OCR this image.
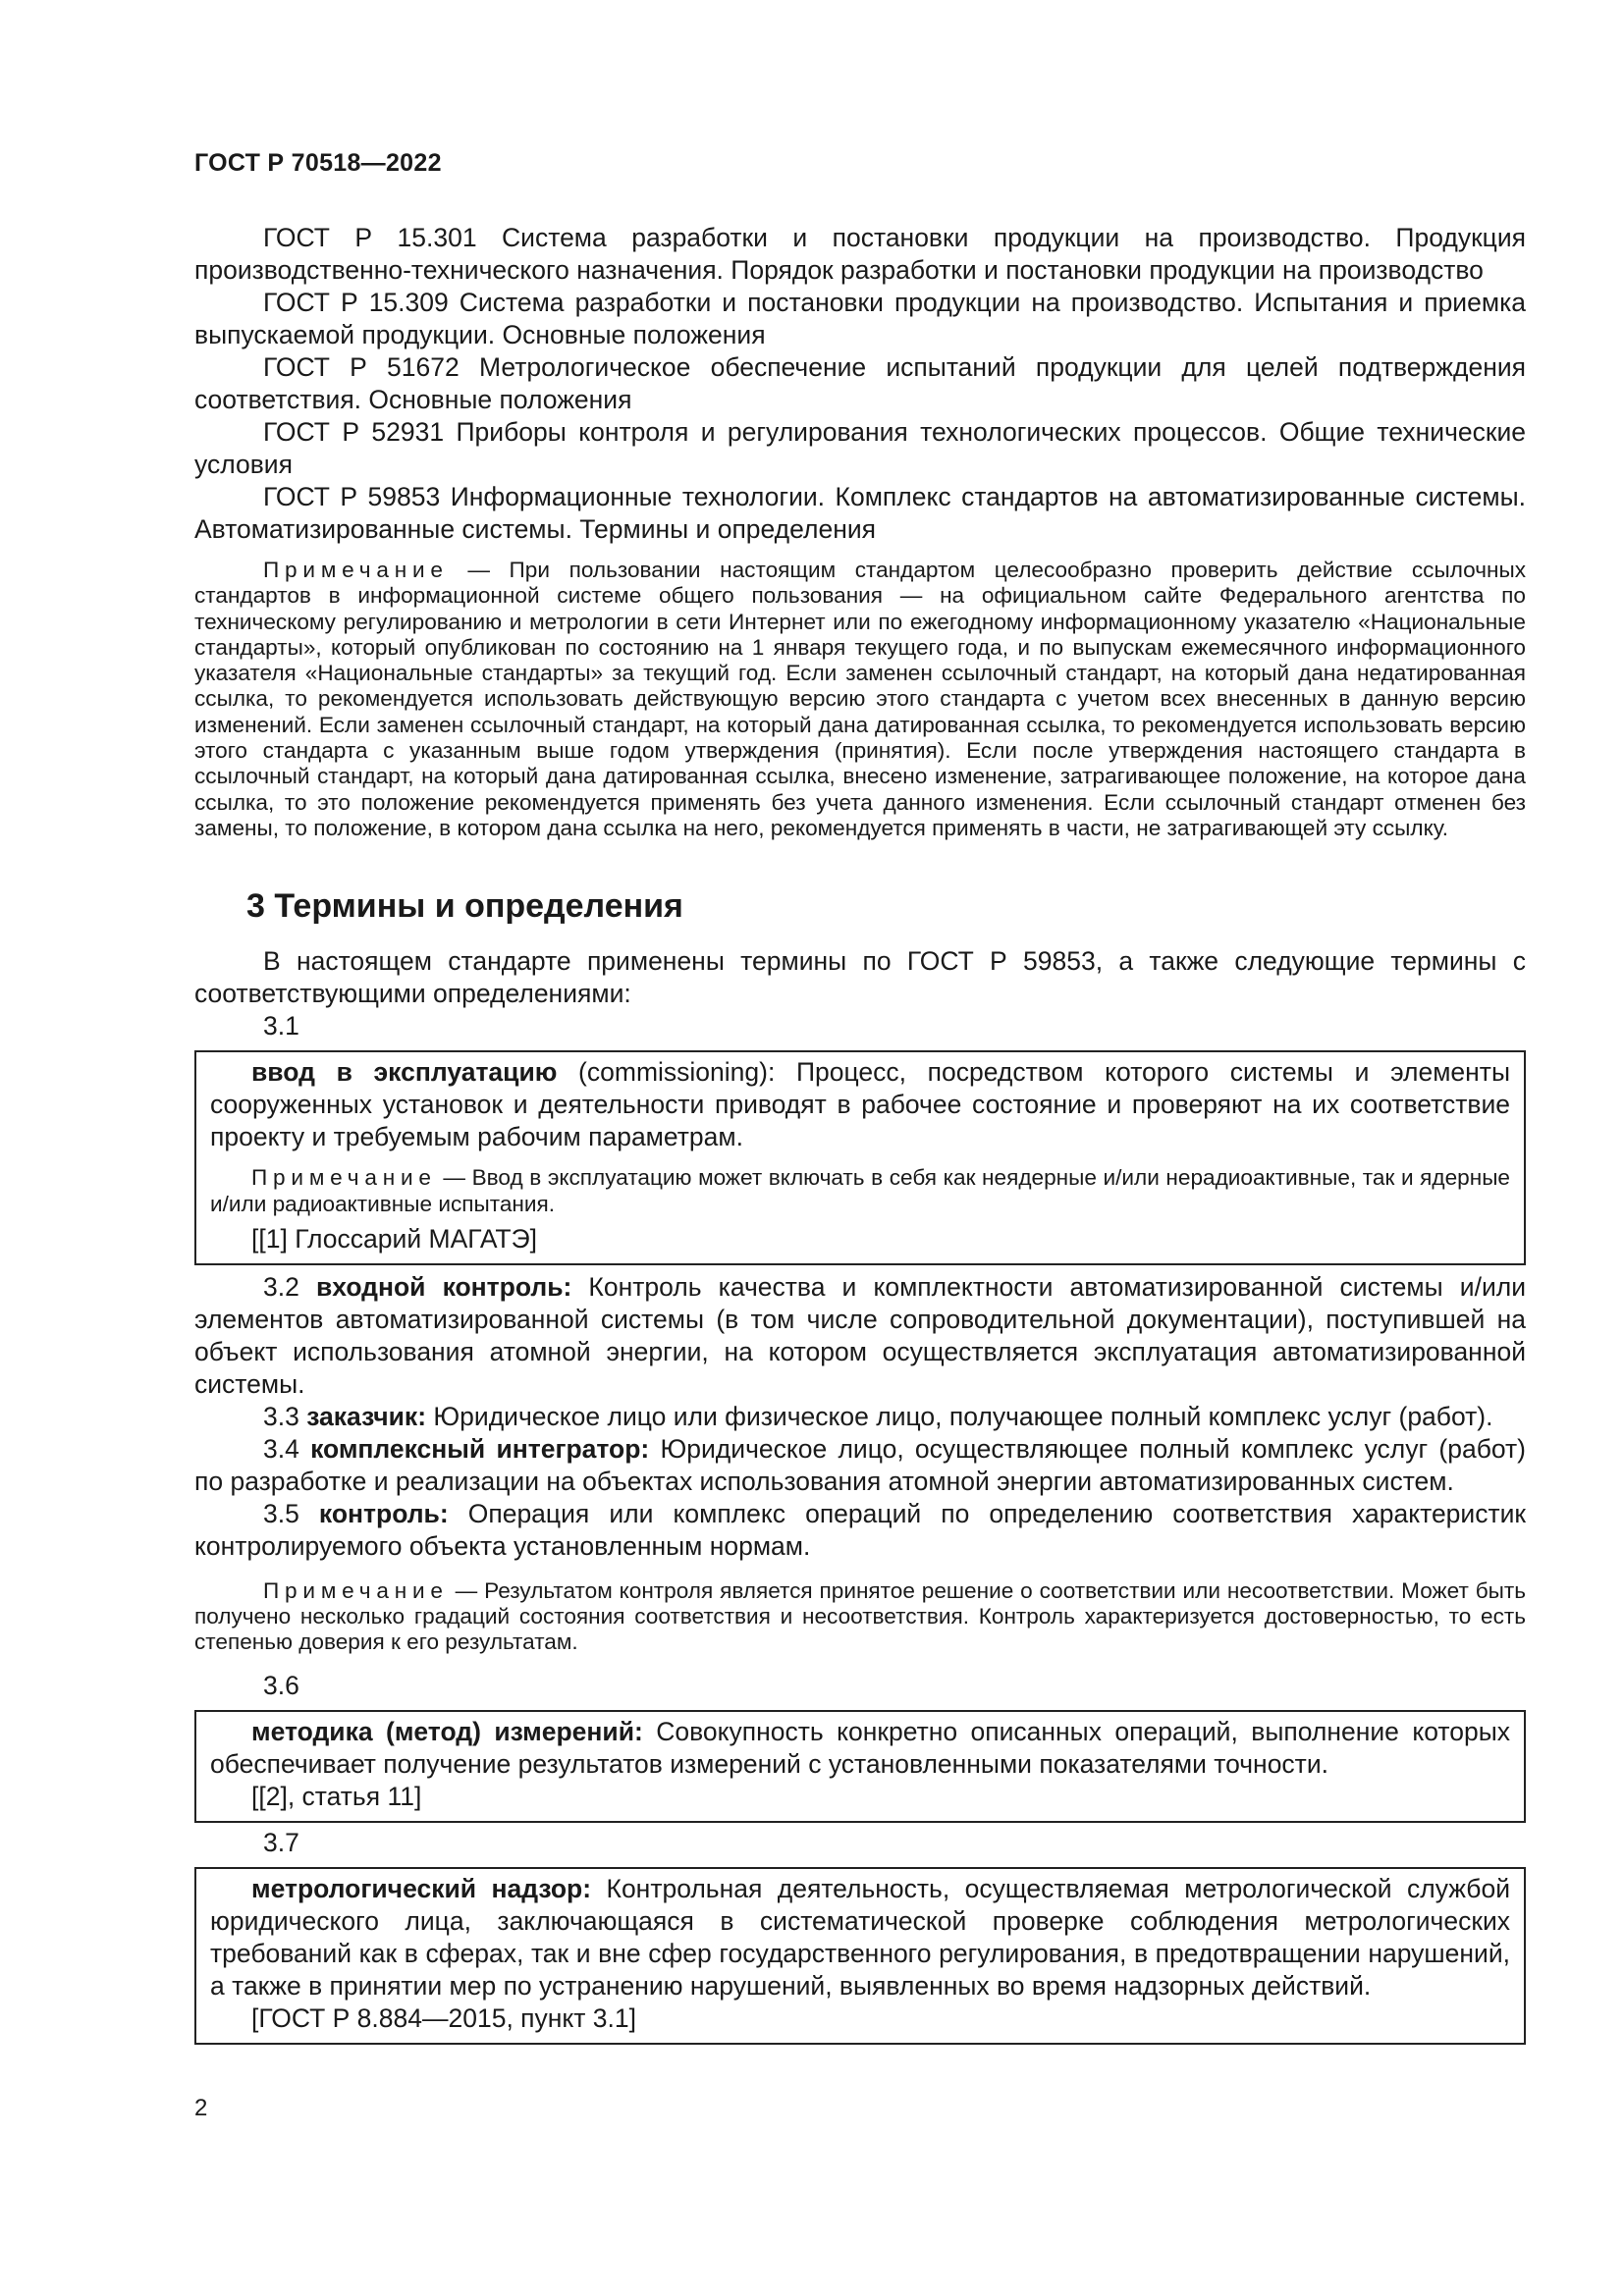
ГОСТ Р 70518—2022

ГОСТ Р 15.301 Система разработки и постановки продукции на производство. Продукция производственно-технического назначения. Порядок разработки и постановки продукции на производство

ГОСТ Р 15.309 Система разработки и постановки продукции на производство. Испытания и приемка выпускаемой продукции. Основные положения

ГОСТ Р 51672 Метрологическое обеспечение испытаний продукции для целей подтверждения соответствия. Основные положения

ГОСТ Р 52931 Приборы контроля и регулирования технологических процессов. Общие технические условия

ГОСТ Р 59853 Информационные технологии. Комплекс стандартов на автоматизированные системы. Автоматизированные системы. Термины и определения

Примечание — При пользовании настоящим стандартом целесообразно проверить действие ссылочных стандартов в информационной системе общего пользования — на официальном сайте Федерального агентства по техническому регулированию и метрологии в сети Интернет или по ежегодному информационному указателю «Национальные стандарты», который опубликован по состоянию на 1 января текущего года, и по выпускам ежемесячного информационного указателя «Национальные стандарты» за текущий год. Если заменен ссылочный стандарт, на который дана недатированная ссылка, то рекомендуется использовать действующую версию этого стандарта с учетом всех внесенных в данную версию изменений. Если заменен ссылочный стандарт, на который дана датированная ссылка, то рекомендуется использовать версию этого стандарта с указанным выше годом утверждения (принятия). Если после утверждения настоящего стандарта в ссылочный стандарт, на который дана датированная ссылка, внесено изменение, затрагивающее положение, на которое дана ссылка, то это положение рекомендуется применять без учета данного изменения. Если ссылочный стандарт отменен без замены, то положение, в котором дана ссылка на него, рекомендуется применять в части, не затрагивающей эту ссылку.

3 Термины и определения

В настоящем стандарте применены термины по ГОСТ Р 59853, а также следующие термины с соответствующими определениями:

3.1

ввод в эксплуатацию (commissioning): Процесс, посредством которого системы и элементы сооруженных установок и деятельности приводят в рабочее состояние и проверяют на их соответствие проекту и требуемым рабочим параметрам.

Примечание — Ввод в эксплуатацию может включать в себя как неядерные и/или нерадиоактивные, так и ядерные и/или радиоактивные испытания.

[[1] Глоссарий МАГАТЭ]

3.2 входной контроль: Контроль качества и комплектности автоматизированной системы и/или элементов автоматизированной системы (в том числе сопроводительной документации), поступившей на объект использования атомной энергии, на котором осуществляется эксплуатация автоматизированной системы.

3.3 заказчик: Юридическое лицо или физическое лицо, получающее полный комплекс услуг (работ).

3.4 комплексный интегратор: Юридическое лицо, осуществляющее полный комплекс услуг (работ) по разработке и реализации на объектах использования атомной энергии автоматизированных систем.

3.5 контроль: Операция или комплекс операций по определению соответствия характеристик контролируемого объекта установленным нормам.

Примечание — Результатом контроля является принятое решение о соответствии или несоответствии. Может быть получено несколько градаций состояния соответствия и несоответствия. Контроль характеризуется достоверностью, то есть степенью доверия к его результатам.

3.6

методика (метод) измерений: Совокупность конкретно описанных операций, выполнение которых обеспечивает получение результатов измерений с установленными показателями точности.

[[2], статья 11]

3.7

метрологический надзор: Контрольная деятельность, осуществляемая метрологической службой юридического лица, заключающаяся в систематической проверке соблюдения метрологических требований как в сферах, так и вне сфер государственного регулирования, в предотвращении нарушений, а также в принятии мер по устранению нарушений, выявленных во время надзорных действий.

[ГОСТ Р 8.884—2015, пункт 3.1]

2
